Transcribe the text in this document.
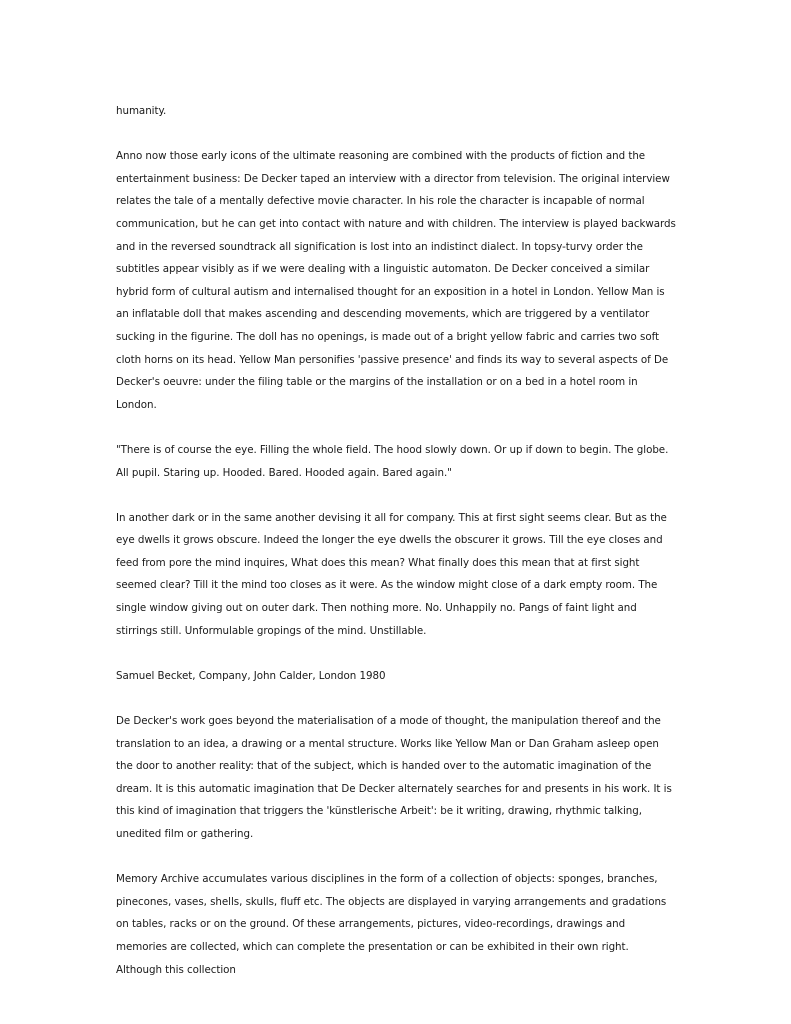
humanity.

Anno now those early icons of the ultimate reasoning are combined with the products of fiction and the entertainment business: De Decker taped an interview with a director from television. The original interview relates the tale of a mentally defective movie character. In his role the character is incapable of normal communication, but he can get into contact with nature and with children. The interview is played backwards and in the reversed soundtrack all signification is lost into an indistinct dialect. In topsy-turvy order the subtitles appear visibly as if we were dealing with a linguistic automaton. De Decker conceived a similar hybrid form of cultural autism and internalised thought for an exposition in a hotel in London. Yellow Man is an inflatable doll that makes ascending and descending movements, which are triggered by a ventilator sucking in the figurine. The doll has no openings, is made out of a bright yellow fabric and carries two soft cloth horns on its head. Yellow Man personifies 'passive presence' and finds its way to several aspects of De Decker's oeuvre: under the filing table or the margins of the installation or on a bed in a hotel room in London.

"There is of course the eye. Filling the whole field. The hood slowly down. Or up if down to begin. The globe. All pupil. Staring up. Hooded. Bared. Hooded again. Bared again."

In another dark or in the same another devising it all for company. This at first sight seems clear. But as the eye dwells it grows obscure. Indeed the longer the eye dwells the obscurer it grows. Till the eye closes and feed from pore the mind inquires, What does this mean? What finally does this mean that at first sight seemed clear? Till it the mind too closes as it were. As the window might close of a dark empty room. The single window giving out on outer dark. Then nothing more. No. Unhappily no. Pangs of faint light and stirrings still. Unformulable gropings of the mind. Unstillable.

Samuel Becket, Company, John Calder, London 1980

De Decker's work goes beyond the materialisation of a mode of thought, the manipulation thereof and the translation to an idea, a drawing or a mental structure. Works like Yellow Man or Dan Graham asleep open the door to another reality: that of the subject, which is handed over to the automatic imagination of the dream. It is this automatic imagination that De Decker alternately searches for and presents in his work. It is this kind of imagination that triggers the 'künstlerische Arbeit': be it writing, drawing, rhythmic talking, unedited film or gathering.

Memory Archive accumulates various disciplines in the form of a collection of objects: sponges, branches, pinecones, vases, shells, skulls, fluff etc. The objects are displayed in varying arrangements and gradations on tables, racks or on the ground. Of these arrangements, pictures, video-recordings, drawings and memories are collected, which can complete the presentation or can be exhibited in their own right. Although this collection
